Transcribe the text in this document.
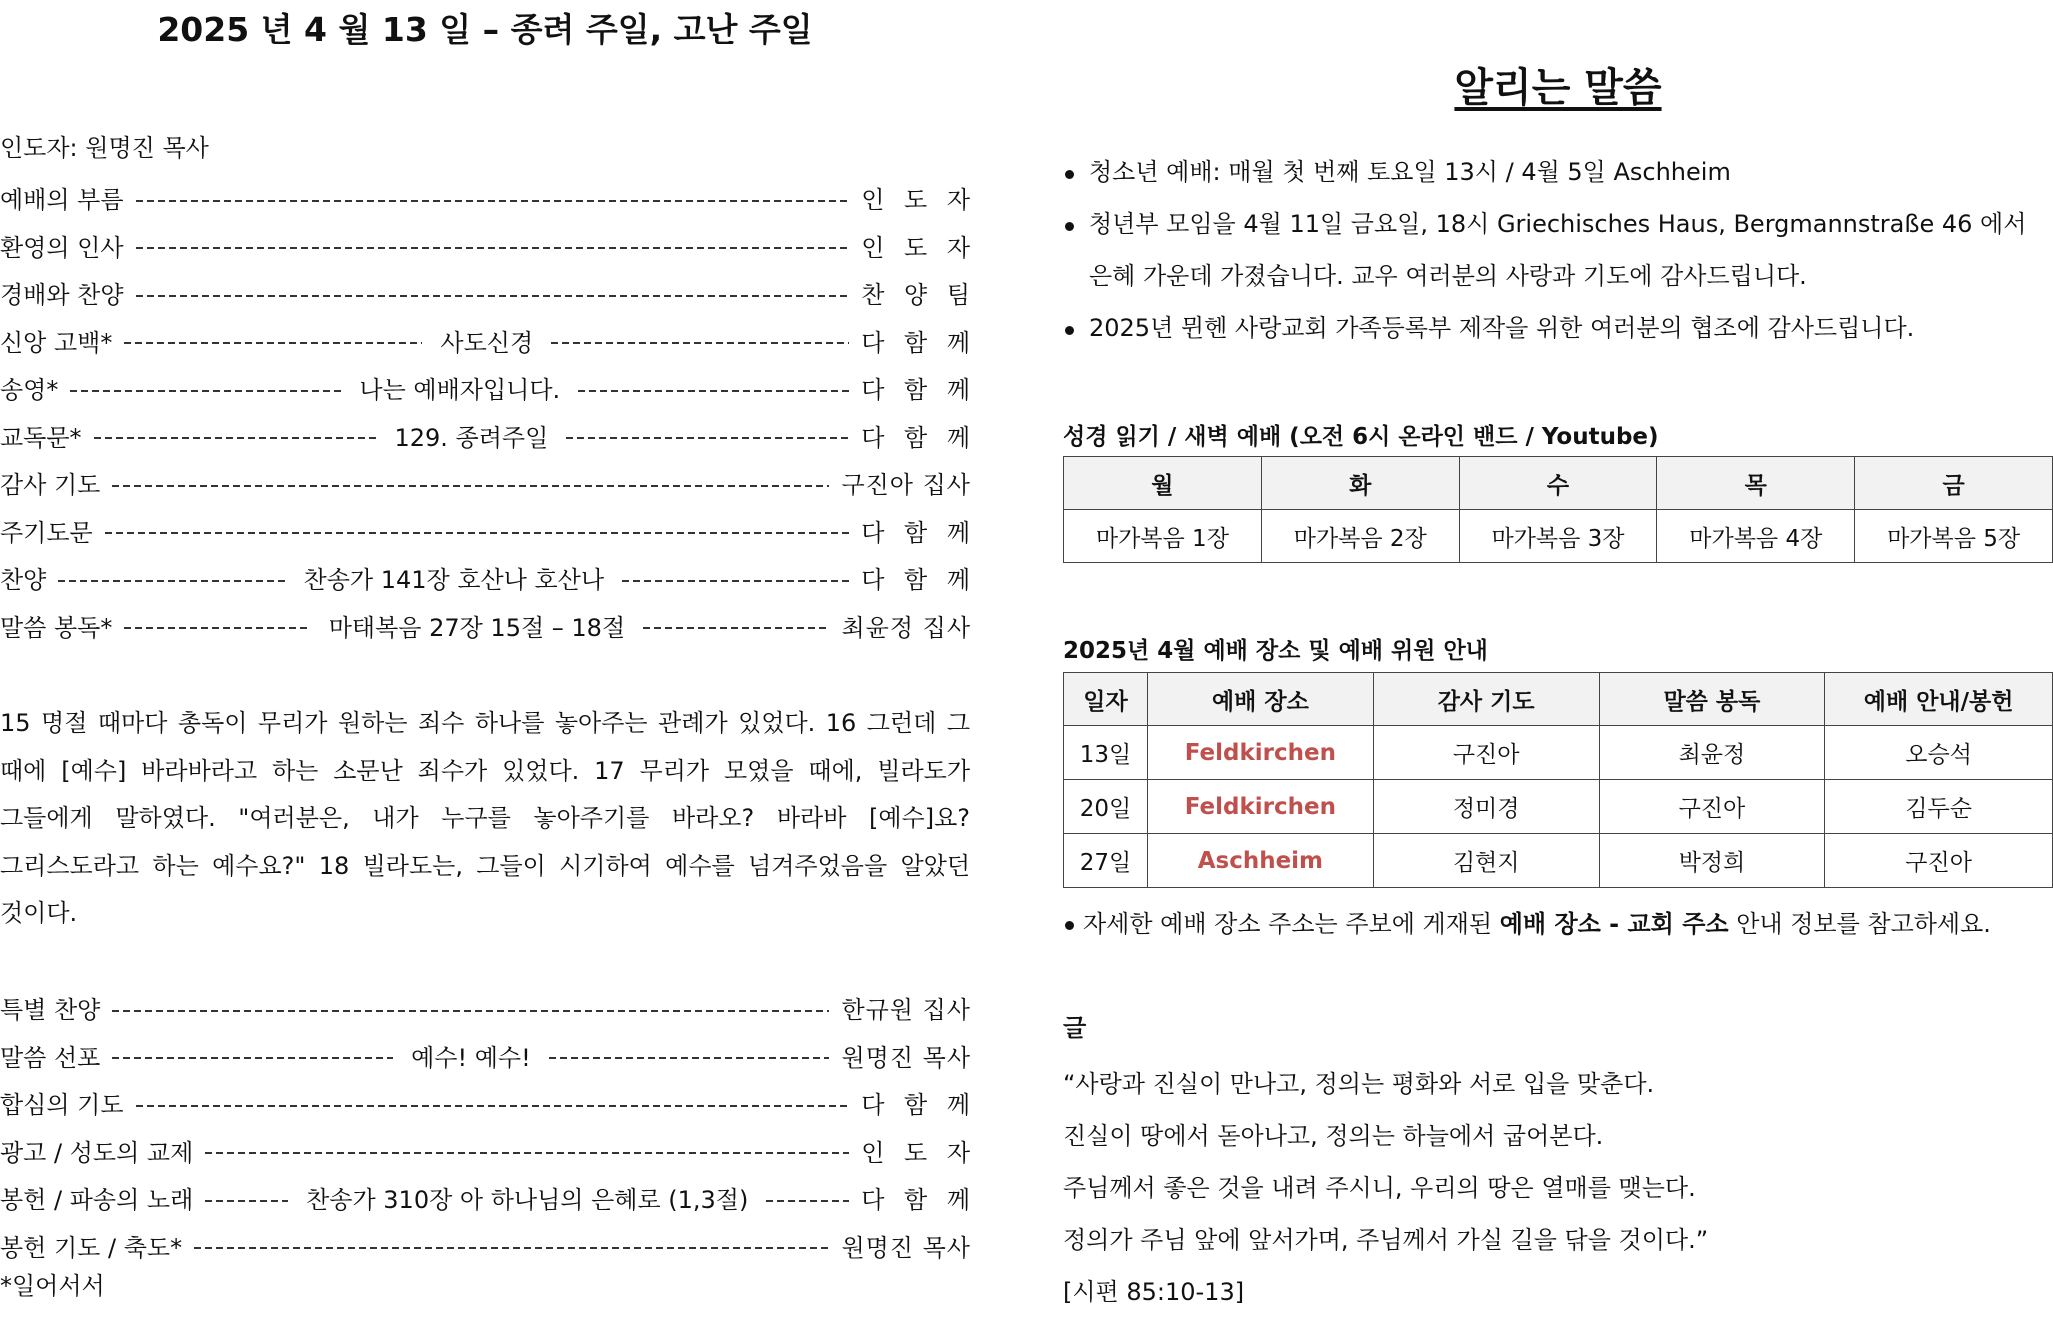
2025 년 4 월 13 일 – 종려 주일, 고난 주일
인도자: 원명진 목사
예배의 부름	인 도 자
환영의 인사	인 도 자
경배와 찬양	찬 양 팀
신앙 고백*	사도신경	다 함 께
송영*	나는 예배자입니다.	다 함 께
교독문*	129. 종려주일	다 함 께
감사 기도	구진아 집사
주기도문	다 함 께
찬양	찬송가 141장 호산나 호산나	다 함 께
말씀 봉독*	마태복음 27장 15절 – 18절	최윤정 집사
15 명절 때마다 총독이 무리가 원하는 죄수 하나를 놓아주는 관례가 있었다. 16 그런데 그 때에 [예수] 바라바라고 하는 소문난 죄수가 있었다. 17 무리가 모였을 때에, 빌라도가 그들에게 말하였다. "여러분은, 내가 누구를 놓아주기를 바라오? 바라바 [예수]요? 그리스도라고 하는 예수요?" 18 빌라도는, 그들이 시기하여 예수를 넘겨주었음을 알았던 것이다.
특별 찬양	한규원 집사
말씀 선포	예수! 예수!	원명진 목사
합심의 기도	다 함 께
광고 / 성도의 교제	인 도 자
봉헌 / 파송의 노래	찬송가 310장 아 하나님의 은혜로 (1,3절)	다 함 께
봉헌 기도 / 축도*	원명진 목사
*일어서서
알리는 말씀
청소년 예배: 매월 첫 번째 토요일 13시 / 4월 5일 Aschheim
청년부 모임을 4월 11일 금요일, 18시 Griechisches Haus, Bergmannstraße 46 에서 은혜 가운데 가졌습니다. 교우 여러분의 사랑과 기도에 감사드립니다.
2025년 뮌헨 사랑교회 가족등록부 제작을 위한 여러분의 협조에 감사드립니다.
성경 읽기 / 새벽 예배 (오전 6시 온라인 밴드 / Youtube)
월	화	수	목	금
마가복음 1장	마가복음 2장	마가복음 3장	마가복음 4장	마가복음 5장
2025년 4월 예배 장소 및 예배 위원 안내
일자	예배 장소	감사 기도	말씀 봉독	예배 안내/봉헌
13일	Feldkirchen	구진아	최윤정	오승석
20일	Feldkirchen	정미경	구진아	김두순
27일	Aschheim	김현지	박정희	구진아
자세한 예배 장소 주소는 주보에 게재된 예배 장소 - 교회 주소 안내 정보를 참고하세요.
글
“사랑과 진실이 만나고, 정의는 평화와 서로 입을 맞춘다.
진실이 땅에서 돋아나고, 정의는 하늘에서 굽어본다.
주님께서 좋은 것을 내려 주시니, 우리의 땅은 열매를 맺는다.
정의가 주님 앞에 앞서가며, 주님께서 가실 길을 닦을 것이다.”
[시편 85:10-13]
